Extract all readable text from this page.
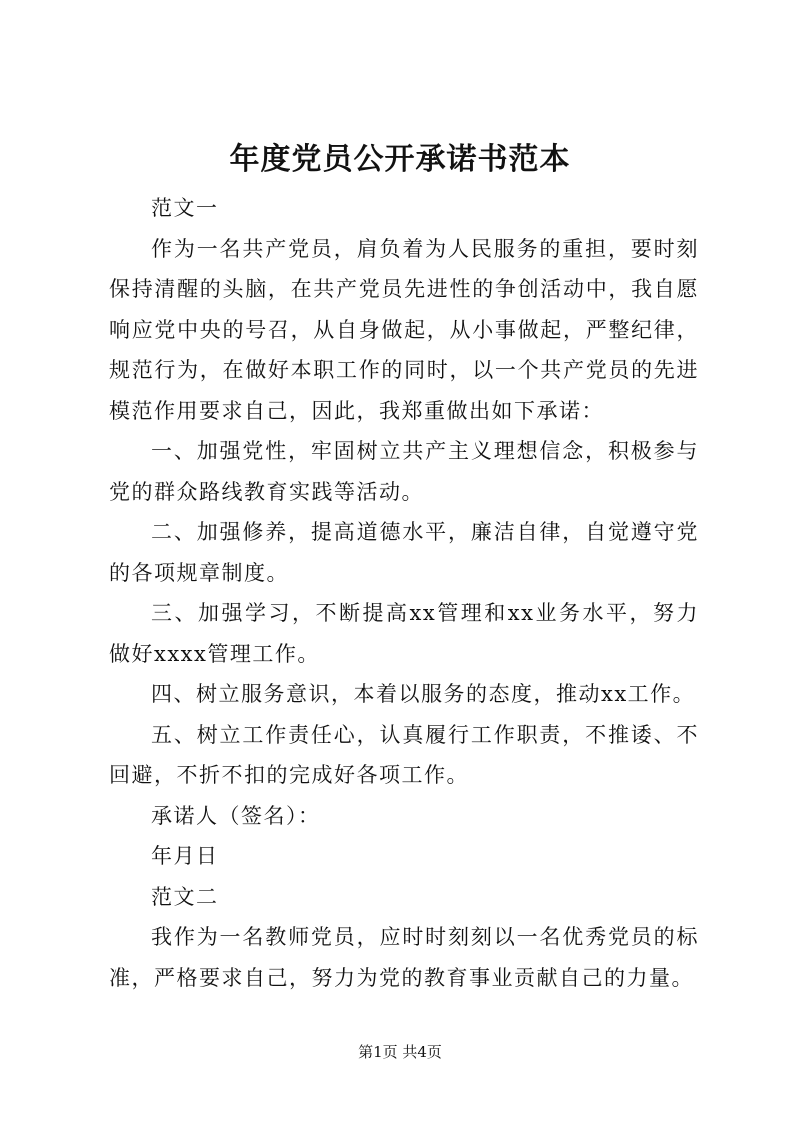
年度党员公开承诺书范本

范文一

作为一名共产党员，肩负着为人民服务的重担，要时刻保持清醒的头脑，在共产党员先进性的争创活动中，我自愿响应党中央的号召，从自身做起，从小事做起，严整纪律，规范行为，在做好本职工作的同时，以一个共产党员的先进模范作用要求自己，因此，我郑重做出如下承诺：

一、加强党性，牢固树立共产主义理想信念，积极参与党的群众路线教育实践等活动。

二、加强修养，提高道德水平，廉洁自律，自觉遵守党的各项规章制度。

三、加强学习，不断提高xx管理和xx业务水平，努力做好xxxx管理工作。

四、树立服务意识，本着以服务的态度，推动xx工作。

五、树立工作责任心，认真履行工作职责，不推诿、不回避，不折不扣的完成好各项工作。

承诺人（签名）：

年月日

范文二

我作为一名教师党员，应时时刻刻以一名优秀党员的标准，严格要求自己，努力为党的教育事业贡献自己的力量。

第1页 共4页
